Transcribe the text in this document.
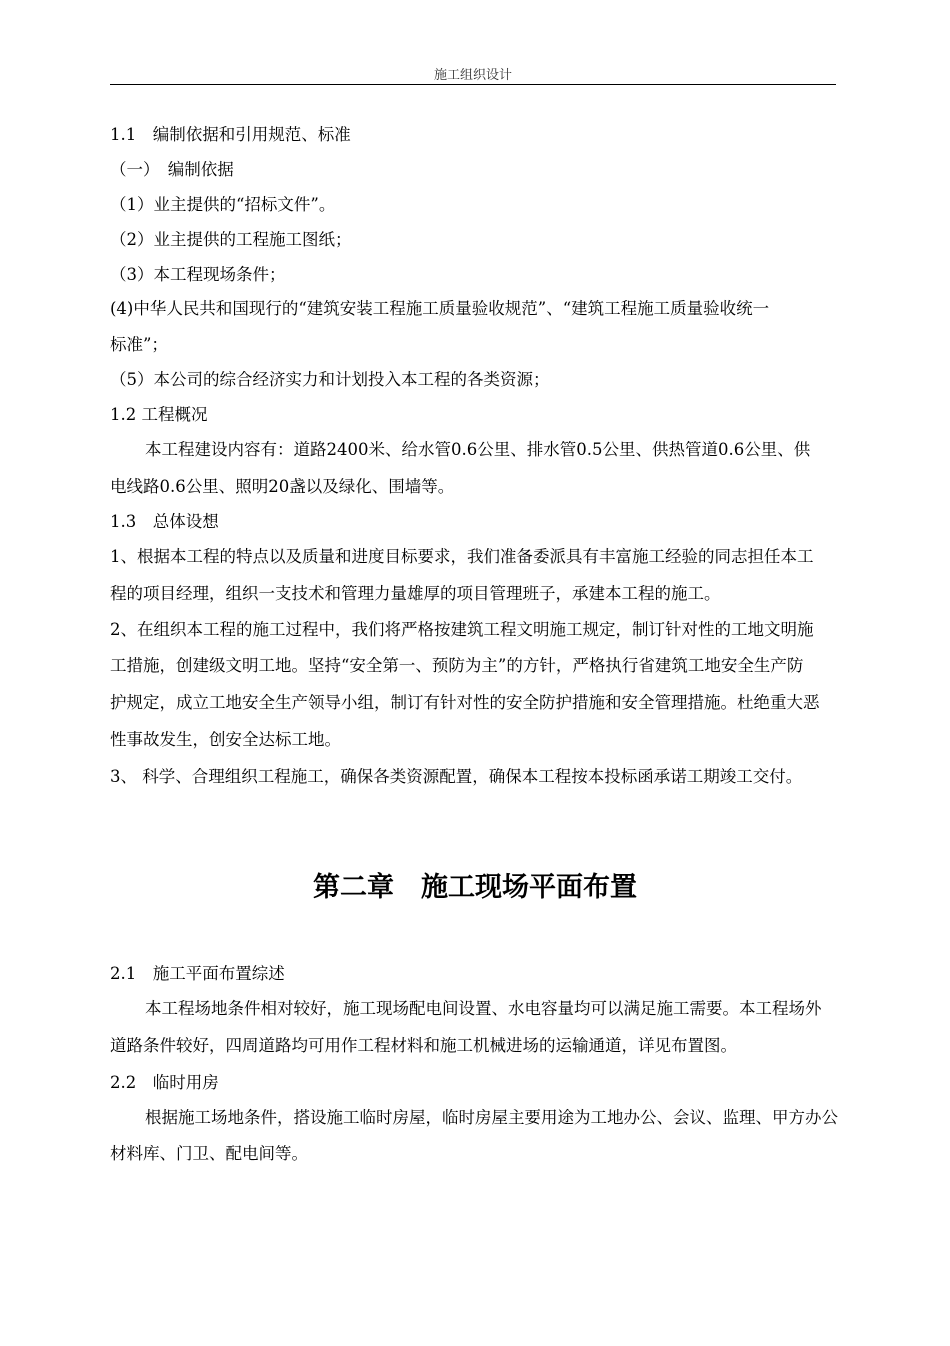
施工组织设计
1.1　编制依据和引用规范、标准
（一）　编制依据
（1）业主提供的“招标文件”。
（2）业主提供的工程施工图纸；
（3）本工程现场条件；
(4)中华人民共和国现行的“建筑安装工程施工质量验收规范”、“建筑工程施工质量验收统一
标准”；
（5）本公司的综合经济实力和计划投入本工程的各类资源；
1.2 工程概况
本工程建设内容有：道路2400米、给水管0.6公里、排水管0.5公里、供热管道0.6公里、供
电线路0.6公里、照明20盏以及绿化、围墙等。
1.3　总体设想
1、根据本工程的特点以及质量和进度目标要求，我们准备委派具有丰富施工经验的同志担任本工
程的项目经理，组织一支技术和管理力量雄厚的项目管理班子，承建本工程的施工。
2、在组织本工程的施工过程中，我们将严格按建筑工程文明施工规定，制订针对性的工地文明施
工措施，创建级文明工地。坚持“安全第一、预防为主”的方针，严格执行省建筑工地安全生产防
护规定，成立工地安全生产领导小组，制订有针对性的安全防护措施和安全管理措施。杜绝重大恶
性事故发生，创安全达标工地。
3、 科学、合理组织工程施工，确保各类资源配置，确保本工程按本投标函承诺工期竣工交付。
第二章　施工现场平面布置
2.1　施工平面布置综述
本工程场地条件相对较好，施工现场配电间设置、水电容量均可以满足施工需要。本工程场外
道路条件较好，四周道路均可用作工程材料和施工机械进场的运输通道，详见布置图。
2.2　临时用房
根据施工场地条件，搭设施工临时房屋，临时房屋主要用途为工地办公、会议、监理、甲方办公
材料库、门卫、配电间等。
